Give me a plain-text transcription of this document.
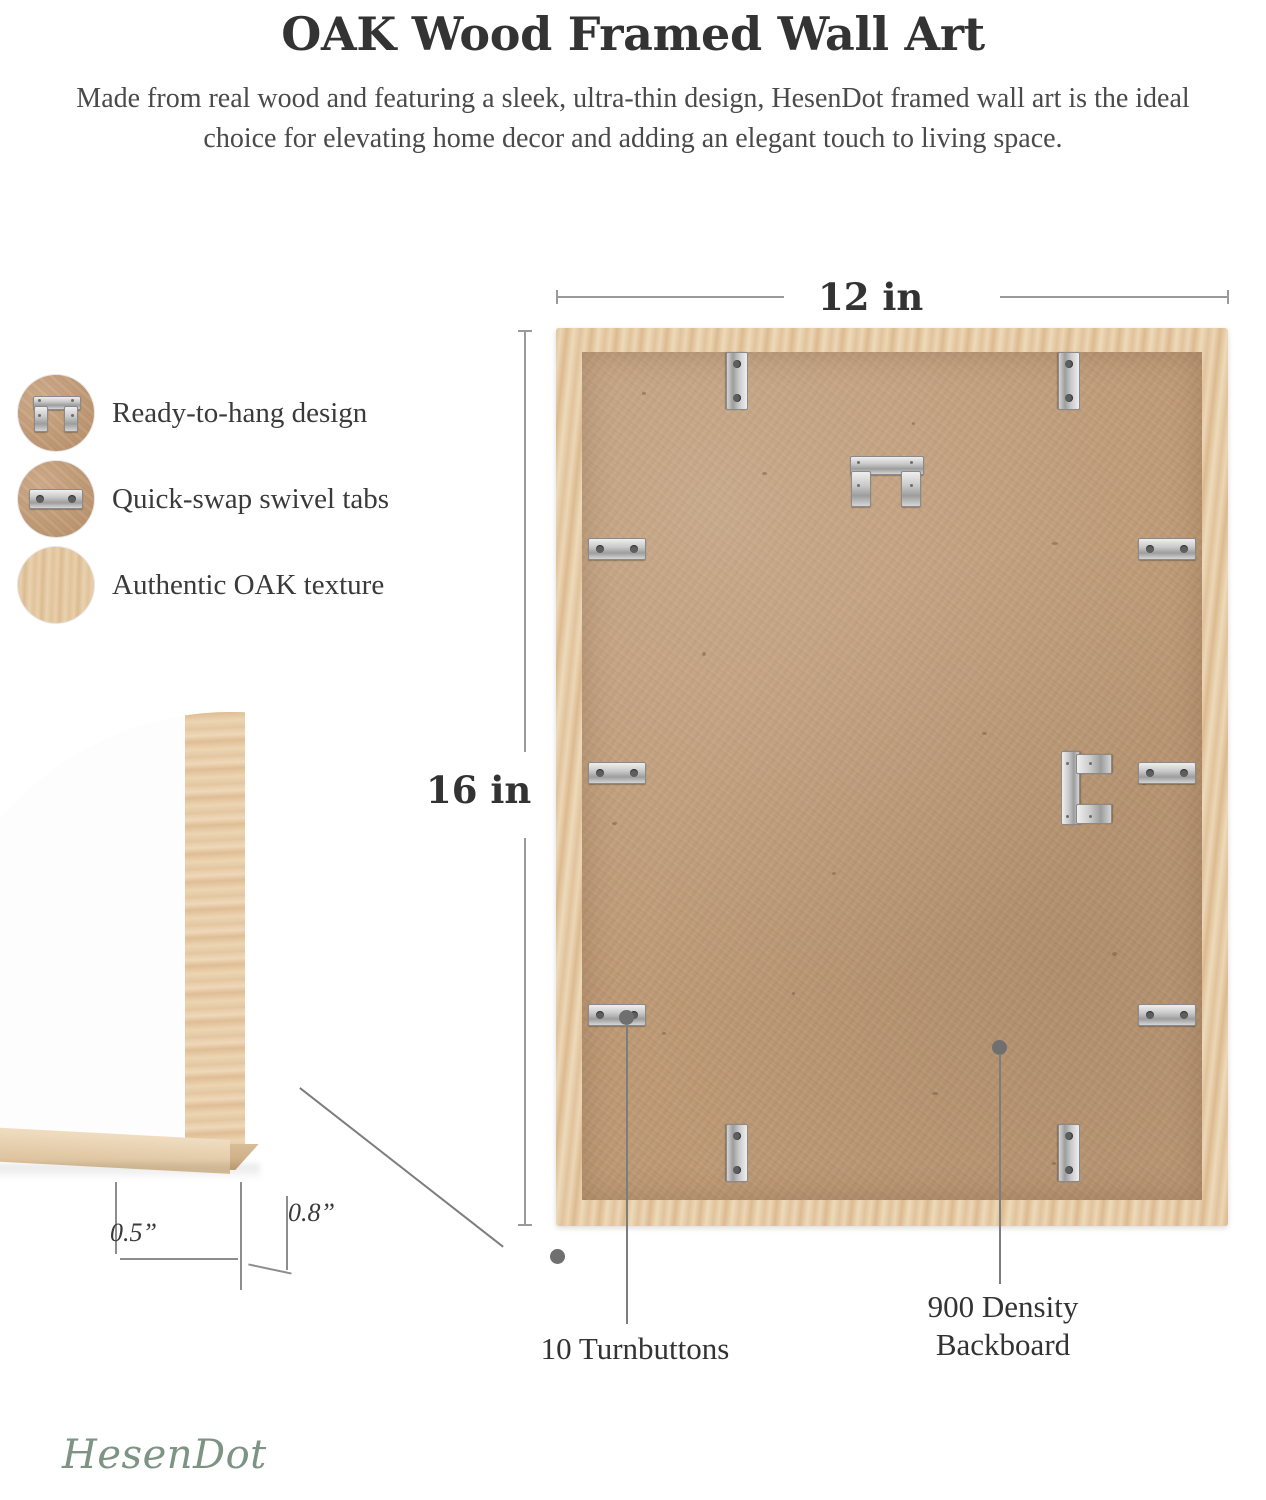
OAK Wood Framed Wall Art
Made from real wood and featuring a sleek, ultra-thin design, HesenDot framed wall art is the ideal choice for elevating home decor and adding an elegant touch to living space.
Ready-to-hang design
Quick-swap swivel tabs
Authentic OAK texture
0.5”
0.8”
12 in
16 in
10 Turnbuttons
900 Density
Backboard
HesenDot
